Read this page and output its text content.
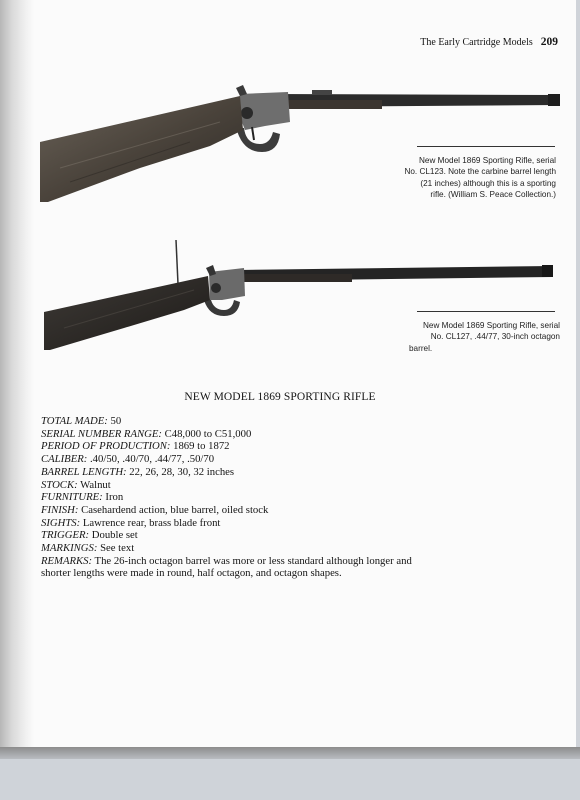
The Early Cartridge Models 209
New Model 1869 Sporting Rifle, serial
No. CL123. Note the carbine barrel length
(21 inches) although this is a sporting
rifle. (William S. Peace Collection.)
New Model 1869 Sporting Rifle, serial
No. CL127, .44/77, 30-inch octagon
barrel.
NEW MODEL 1869 SPORTING RIFLE
TOTAL MADE: 50
SERIAL NUMBER RANGE: C48,000 to C51,000
PERIOD OF PRODUCTION: 1869 to 1872
CALIBER: .40/50, .40/70, .44/77, .50/70
BARREL LENGTH: 22, 26, 28, 30, 32 inches
STOCK: Walnut
FURNITURE: Iron
FINISH: Casehardend action, blue barrel, oiled stock
SIGHTS: Lawrence rear, brass blade front
TRIGGER: Double set
MARKINGS: See text
REMARKS: The 26-inch octagon barrel was more or less standard although longer and
shorter lengths were made in round, half octagon, and octagon shapes.
